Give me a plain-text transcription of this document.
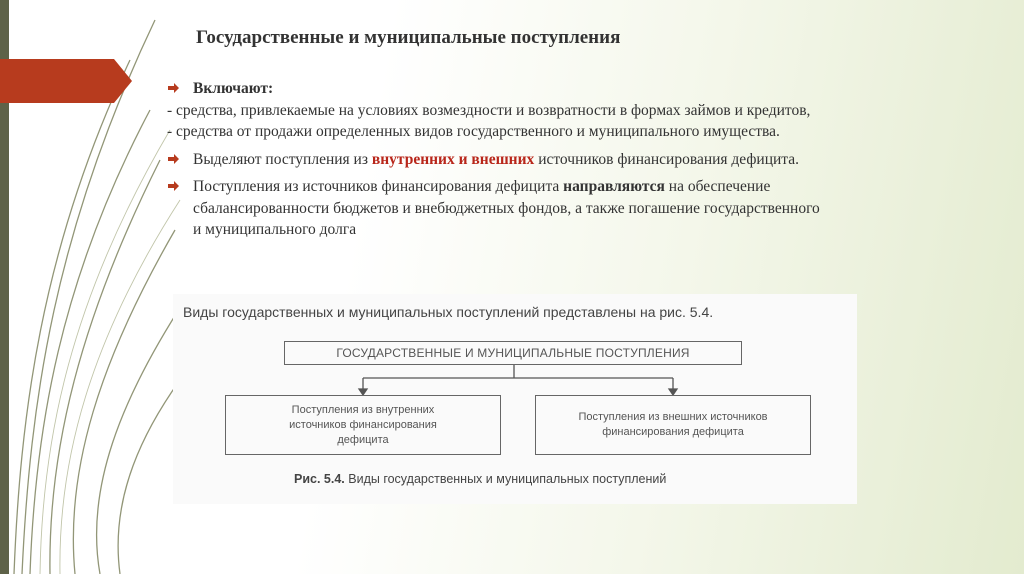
Государственные и муниципальные поступления
Включают:
- средства, привлекаемые на условиях возмездности и возвратности в формах займов и кредитов,
- средства от продажи определенных видов государственного и муниципального имущества.
Выделяют поступления из внутренних и внешних источников финансирования дефицита.
Поступления из источников финансирования дефицита направляются на обеспечение
сбалансированности бюджетов и внебюджетных фондов, а также погашение государственного
и муниципального долга
Виды государственных и муниципальных поступлений представлены на рис. 5.4.
ГОСУДАРСТВЕННЫЕ И МУНИЦИПАЛЬНЫЕ ПОСТУПЛЕНИЯ
Поступления из внутренних источников финансирования дефицита
Поступления из внешних источников финансирования дефицита
Рис. 5.4. Виды государственных и муниципальных поступлений
